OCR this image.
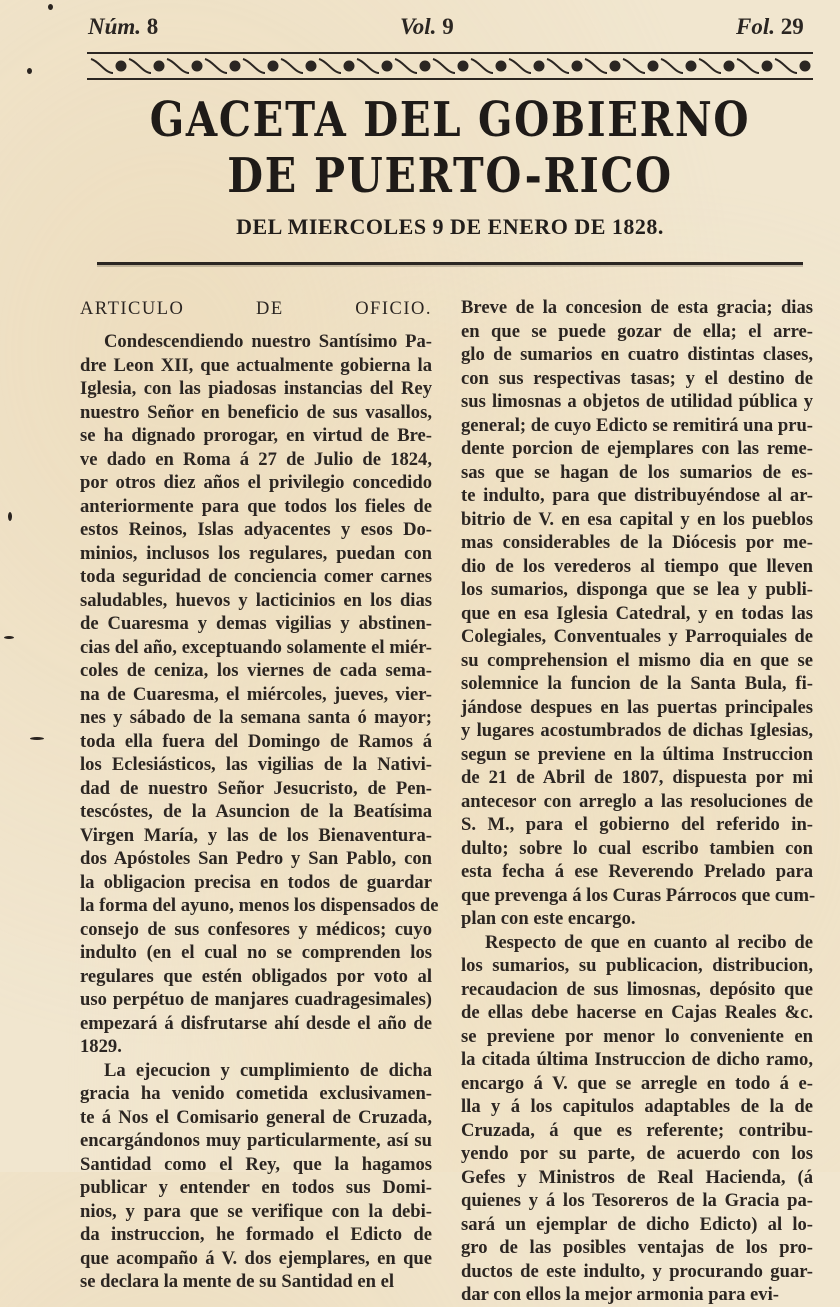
Núm. 8	Vol. 9	Fol. 29
GACETA DEL GOBIERNO
DE PUERTO-RICO
DEL MIERCOLES 9 DE ENERO DE 1828.
ARTICULO DE OFICIO.
Condescendiendo nuestro Santísimo Pa-
dre Leon XII, que actualmente gobierna la
Iglesia, con las piadosas instancias del Rey
nuestro Señor en beneficio de sus vasallos,
se ha dignado prorogar, en virtud de Bre-
ve dado en Roma á 27 de Julio de 1824,
por otros diez años el privilegio concedido
anteriormente para que todos los fieles de
estos Reinos, Islas adyacentes y esos Do-
minios, inclusos los regulares, puedan con
toda seguridad de conciencia comer carnes
saludables, huevos y lacticinios en los dias
de Cuaresma y demas vigilias y abstinen-
cias del año, exceptuando solamente el miér-
coles de ceniza, los viernes de cada sema-
na de Cuaresma, el miércoles, jueves, vier-
nes y sábado de la semana santa ó mayor;
toda ella fuera del Domingo de Ramos á
los Eclesiásticos, las vigilias de la Nativi-
dad de nuestro Señor Jesucristo, de Pen-
tescóstes, de la Asuncion de la Beatísima
Virgen María, y las de los Bienaventura-
dos Apóstoles San Pedro y San Pablo, con
la obligacion precisa en todos de guardar
la forma del ayuno, menos los dispensados de
consejo de sus confesores y médicos; cuyo
indulto (en el cual no se comprenden los
regulares que estén obligados por voto al
uso perpétuo de manjares cuadragesimales)
empezará á disfrutarse ahí desde el año de
1829.
La ejecucion y cumplimiento de dicha
gracia ha venido cometida exclusivamen-
te á Nos el Comisario general de Cruzada,
encargándonos muy particularmente, así su
Santidad como el Rey, que la hagamos
publicar y entender en todos sus Domi-
nios, y para que se verifique con la debi-
da instruccion, he formado el Edicto de
que acompaño á V. dos ejemplares, en que
se declara la mente de su Santidad en el
Breve de la concesion de esta gracia; dias
en que se puede gozar de ella; el arre-
glo de sumarios en cuatro distintas clases,
con sus respectivas tasas; y el destino de
sus limosnas a objetos de utilidad pública y
general; de cuyo Edicto se remitirá una pru-
dente porcion de ejemplares con las reme-
sas que se hagan de los sumarios de es-
te indulto, para que distribuyéndose al ar-
bitrio de V. en esa capital y en los pueblos
mas considerables de la Diócesis por me-
dio de los verederos al tiempo que lleven
los sumarios, disponga que se lea y publi-
que en esa Iglesia Catedral, y en todas las
Colegiales, Conventuales y Parroquiales de
su comprehension el mismo dia en que se
solemnice la funcion de la Santa Bula, fi-
jándose despues en las puertas principales
y lugares acostumbrados de dichas Iglesias,
segun se previene en la última Instruccion
de 21 de Abril de 1807, dispuesta por mi
antecesor con arreglo a las resoluciones de
S. M., para el gobierno del referido in-
dulto; sobre lo cual escribo tambien con
esta fecha á ese Reverendo Prelado para
que prevenga á los Curas Párrocos que cum-
plan con este encargo.
Respecto de que en cuanto al recibo de
los sumarios, su publicacion, distribucion,
recaudacion de sus limosnas, depósito que
de ellas debe hacerse en Cajas Reales &c.
se previene por menor lo conveniente en
la citada última Instruccion de dicho ramo,
encargo á V. que se arregle en todo á e-
lla y á los capitulos adaptables de la de
Cruzada, á que es referente; contribu-
yendo por su parte, de acuerdo con los
Gefes y Ministros de Real Hacienda, (á
quienes y á los Tesoreros de la Gracia pa-
sará un ejemplar de dicho Edicto) al lo-
gro de las posibles ventajas de los pro-
ductos de este indulto, y procurando guar-
dar con ellos la mejor armonia para evi-
